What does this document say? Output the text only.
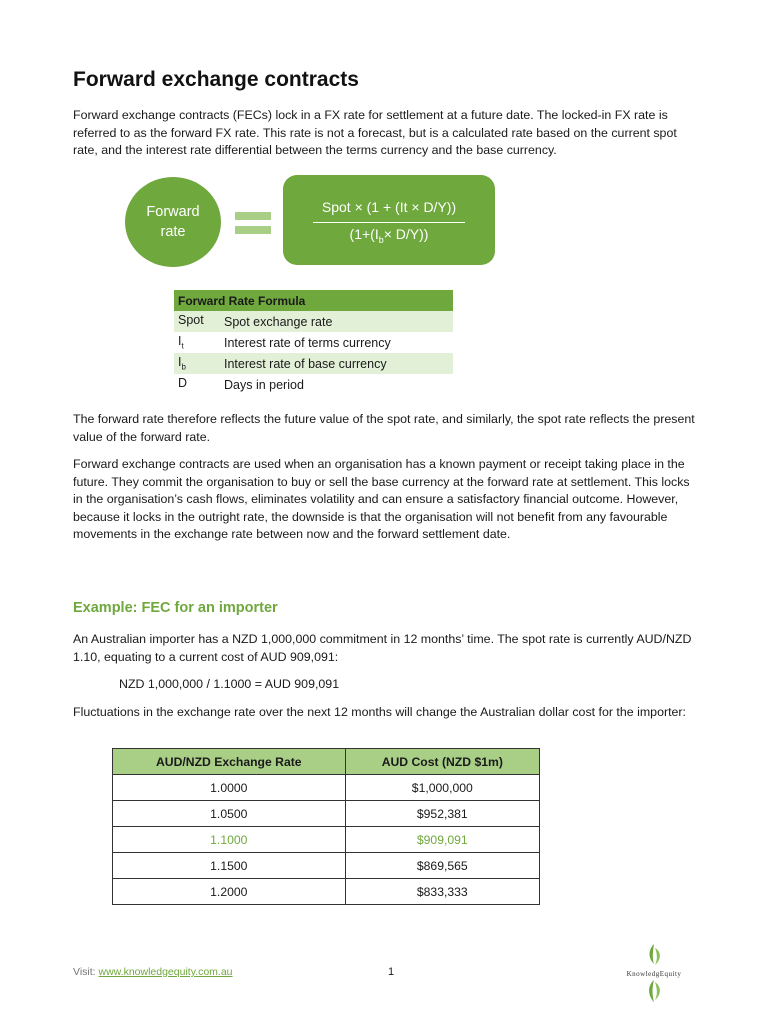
Forward exchange contracts

Forward exchange contracts (FECs) lock in a FX rate for settlement at a future date. The locked-in FX rate is referred to as the forward FX rate. This rate is not a forecast, but is a calculated rate based on the current spot rate, and the interest rate differential between the terms currency and the base currency.

Forward
rate
Spot × (1 + (It × D/Y))
$(1+(I_b\times D/Y))$
Forward Rate Formula	
Spot	Spot exchange rate
$I_t$	Interest rate of terms currency
$I_b$	Interest rate of base currency
D	Days in period

The forward rate therefore reflects the future value of the spot rate, and similarly, the spot rate reflects the present value of the forward rate.

Forward exchange contracts are used when an organisation has a known payment or receipt taking place in the future. They commit the organisation to buy or sell the base currency at the forward rate at settlement. This locks in the organisation’s cash flows, eliminates volatility and can ensure a satisfactory financial outcome. However, because it locks in the outright rate, the downside is that the organisation will not benefit from any favourable movements in the exchange rate between now and the forward settlement date.

Example: FEC for an importer

An Australian importer has a NZD 1,000,000 commitment in 12 months’ time. The spot rate is currently AUD/NZD 1.10, equating to a current cost of AUD 909,091:

NZD 1,000,000 / 1.1000 = AUD 909,091

Fluctuations in the exchange rate over the next 12 months will change the Australian dollar cost for the importer:

AUD/NZD Exchange Rate	AUD Cost (NZD $1m)
1.0000	$1,000,000
1.0500	$952,381
1.1000	$909,091
1.1500	$869,565
1.2000	$833,333
Visit: www.knowledgequity.com.au	1	KnowledgEquity
